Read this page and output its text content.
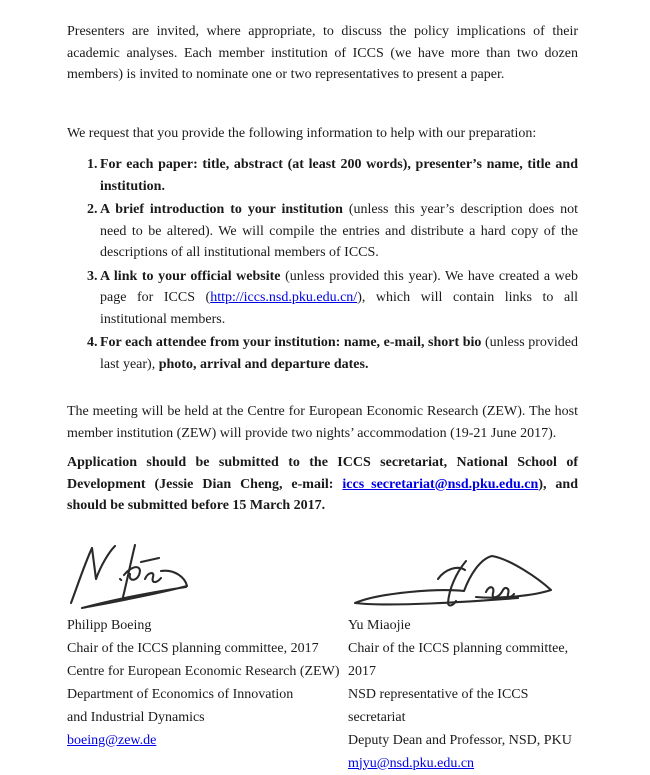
Presenters are invited, where appropriate, to discuss the policy implications of their academic analyses. Each member institution of ICCS (we have more than two dozen members) is invited to nominate one or two representatives to present a paper.

We request that you provide the following information to help with our preparation:

1. For each paper: title, abstract (at least 200 words), presenter’s name, title and institution.
2. A brief introduction to your institution (unless this year’s description does not need to be altered). We will compile the entries and distribute a hard copy of the descriptions of all institutional members of ICCS.
3. A link to your official website (unless provided this year). We have created a web page for ICCS (http://iccs.nsd.pku.edu.cn/), which will contain links to all institutional members.
4. For each attendee from your institution: name, e-mail, short bio (unless provided last year), photo, arrival and departure dates.

The meeting will be held at the Centre for European Economic Research (ZEW). The host member institution (ZEW) will provide two nights’ accommodation (19-21 June 2017).

Application should be submitted to the ICCS secretariat, National School of Development (Jessie Dian Cheng, e-mail: iccs_secretariat@nsd.pku.edu.cn), and should be submitted before 15 March 2017.

Philipp Boeing

Chair of the ICCS planning committee, 2017

Centre for European Economic Research (ZEW)

Department of Economics of Innovation

and Industrial Dynamics

boeing@zew.de

Yu Miaojie

Chair of the ICCS planning committee, 2017

NSD representative of the ICCS secretariat

Deputy Dean and Professor, NSD, PKU

mjyu@nsd.pku.edu.cn
